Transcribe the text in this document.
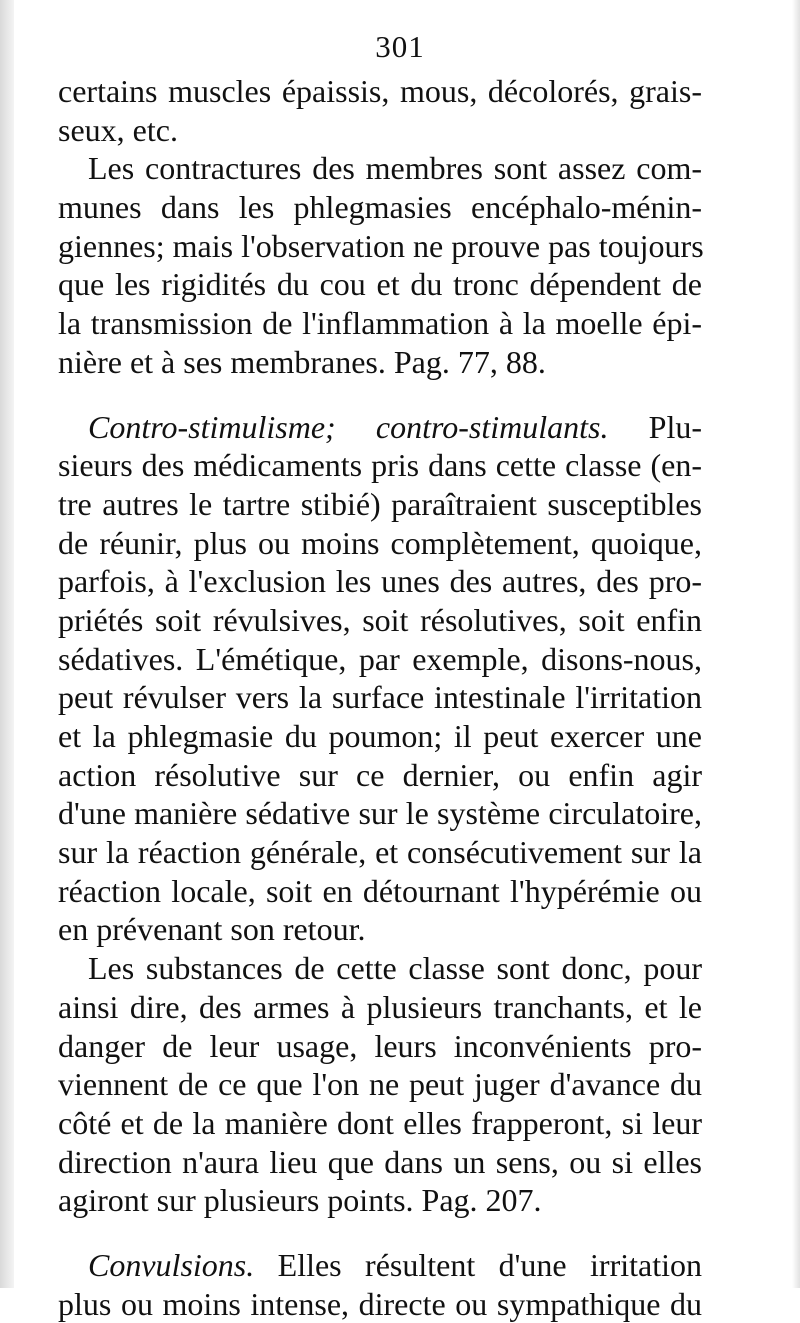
301
certains muscles épaissis, mous, décolorés, grais-
seux, etc.
Les contractures des membres sont assez com-
munes dans les phlegmasies encéphalo-ménin-
giennes; mais l'observation ne prouve pas toujours
que les rigidités du cou et du tronc dépendent de
la transmission de l'inflammation à la moelle épi-
nière et à ses membranes. Pag. 77, 88.
Contro-stimulisme; contro-stimulants. Plu-
sieurs des médicaments pris dans cette classe (en-
tre autres le tartre stibié) paraîtraient susceptibles
de réunir, plus ou moins complètement, quoique,
parfois, à l'exclusion les unes des autres, des pro-
priétés soit révulsives, soit résolutives, soit enfin
sédatives. L'émétique, par exemple, disons-nous,
peut révulser vers la surface intestinale l'irritation
et la phlegmasie du poumon; il peut exercer une
action résolutive sur ce dernier, ou enfin agir
d'une manière sédative sur le système circulatoire,
sur la réaction générale, et consécutivement sur la
réaction locale, soit en détournant l'hypérémie ou
en prévenant son retour.
Les substances de cette classe sont donc, pour
ainsi dire, des armes à plusieurs tranchants, et le
danger de leur usage, leurs inconvénients pro-
viennent de ce que l'on ne peut juger d'avance du
côté et de la manière dont elles frapperont, si leur
direction n'aura lieu que dans un sens, ou si elles
agiront sur plusieurs points. Pag. 207.
Convulsions. Elles résultent d'une irritation
plus ou moins intense, directe ou sympathique du
